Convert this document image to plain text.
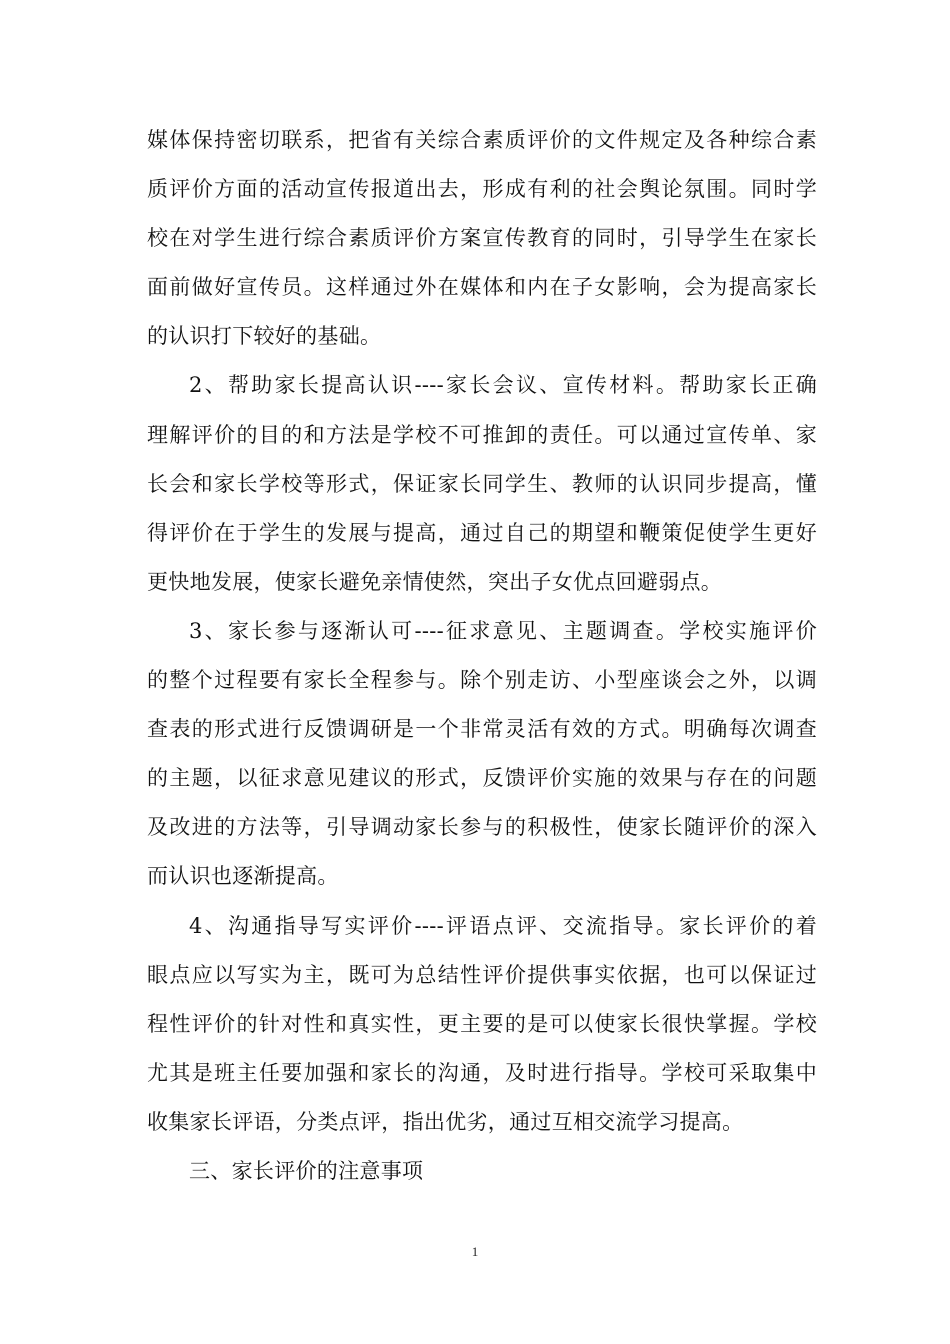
媒体保持密切联系，把省有关综合素质评价的文件规定及各种综合素
质评价方面的活动宣传报道出去，形成有利的社会舆论氛围。同时学
校在对学生进行综合素质评价方案宣传教育的同时，引导学生在家长
面前做好宣传员。这样通过外在媒体和内在子女影响，会为提高家长
的认识打下较好的基础。
2、帮助家长提高认识----家长会议、宣传材料。帮助家长正确
理解评价的目的和方法是学校不可推卸的责任。可以通过宣传单、家
长会和家长学校等形式，保证家长同学生、教师的认识同步提高，懂
得评价在于学生的发展与提高，通过自己的期望和鞭策促使学生更好
更快地发展，使家长避免亲情使然，突出子女优点回避弱点。
3、家长参与逐渐认可----征求意见、主题调查。学校实施评价
的整个过程要有家长全程参与。除个别走访、小型座谈会之外，以调
查表的形式进行反馈调研是一个非常灵活有效的方式。明确每次调查
的主题，以征求意见建议的形式，反馈评价实施的效果与存在的问题
及改进的方法等，引导调动家长参与的积极性，使家长随评价的深入
而认识也逐渐提高。
4、沟通指导写实评价----评语点评、交流指导。家长评价的着
眼点应以写实为主，既可为总结性评价提供事实依据，也可以保证过
程性评价的针对性和真实性，更主要的是可以使家长很快掌握。学校
尤其是班主任要加强和家长的沟通，及时进行指导。学校可采取集中
收集家长评语，分类点评，指出优劣，通过互相交流学习提高。
三、家长评价的注意事项
1
